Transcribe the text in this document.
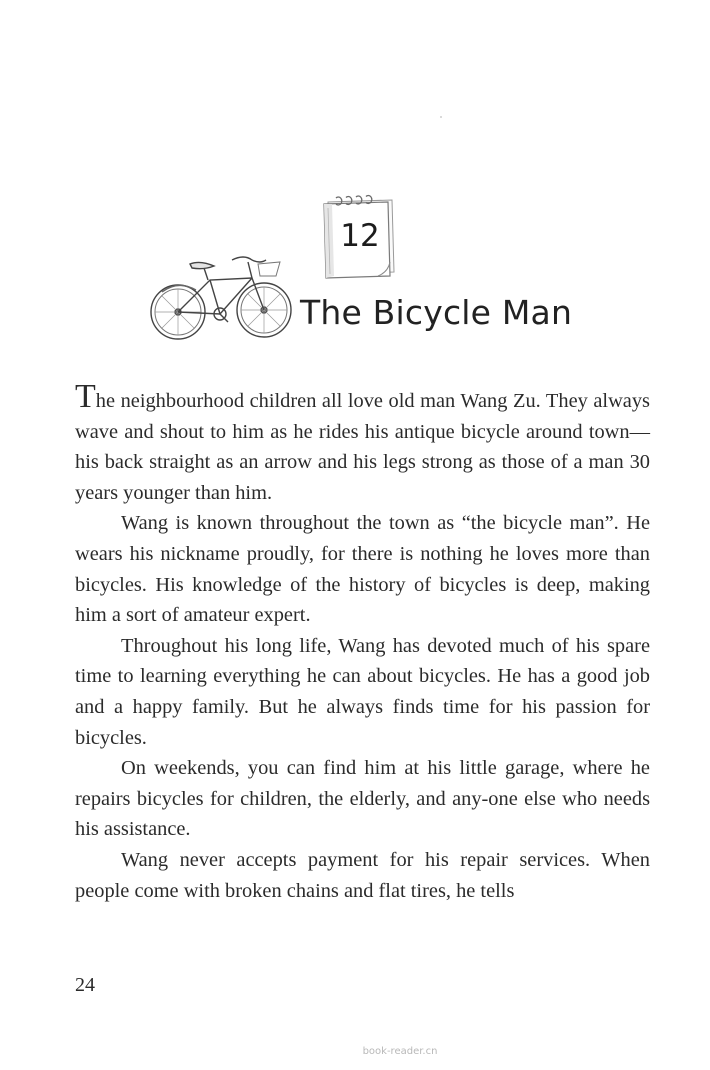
12
The Bicycle Man

The neighbourhood children all love old man Wang Zu. They always wave and shout to him as he rides his antique bicycle around town—his back straight as an arrow and his legs strong as those of a man 30 years younger than him.

Wang is known throughout the town as “the bicycle man”. He wears his nickname proudly, for there is nothing he loves more than bicycles. His knowledge of the history of bicycles is deep, making him a sort of amateur expert.

Throughout his long life, Wang has devoted much of his spare time to learning everything he can about bicycles. He has a good job and a happy family. But he always finds time for his passion for bicycles.

On weekends, you can find him at his little garage, where he repairs bicycles for children, the elderly, and any-one else who needs his assistance.

Wang never accepts payment for his repair services. When people come with broken chains and flat tires, he tells

24
book-reader.cn
